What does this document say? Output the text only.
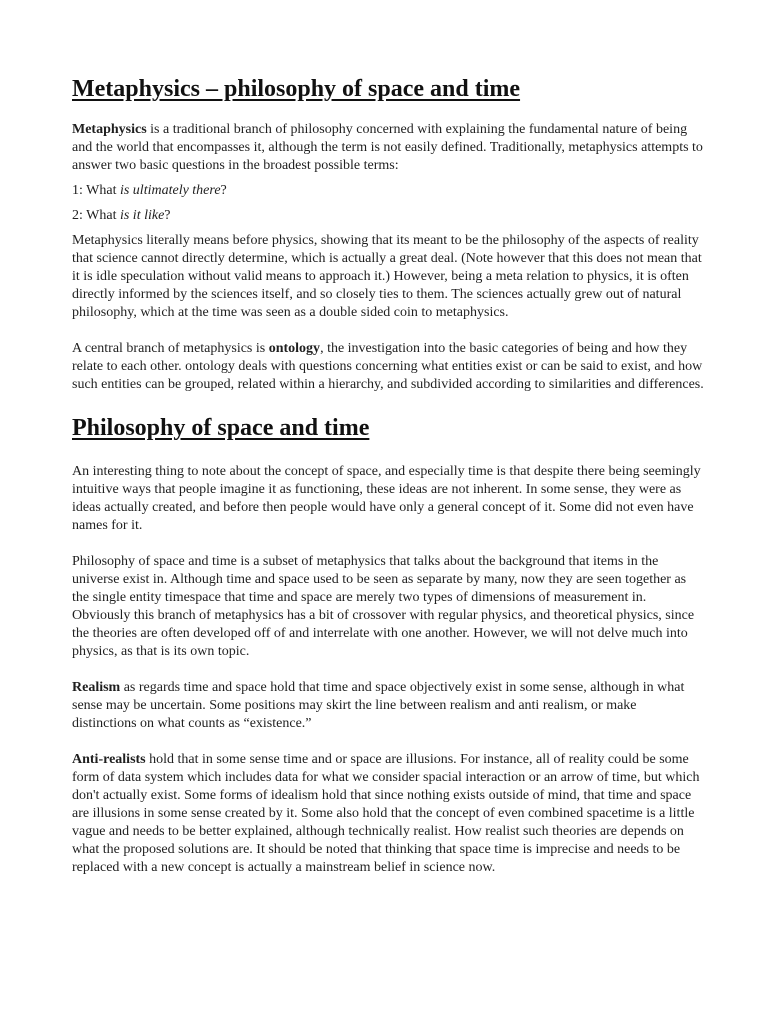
Metaphysics – philosophy of space and time

Metaphysics is a traditional branch of philosophy concerned with explaining the fundamental nature of being and the world that encompasses it, although the term is not easily defined. Traditionally, metaphysics attempts to answer two basic questions in the broadest possible terms:

1: What is ultimately there?

2: What is it like?

Metaphysics literally means before physics, showing that its meant to be the philosophy of the aspects of reality that science cannot directly determine, which is actually a great deal. (Note however that this does not mean that it is idle speculation without valid means to approach it.) However, being a meta relation to physics, it is often directly informed by the sciences itself, and so closely ties to them. The sciences actually grew out of natural philosophy, which at the time was seen as a double sided coin to metaphysics.

A central branch of metaphysics is ontology, the investigation into the basic categories of being and how they relate to each other. ontology deals with questions concerning what entities exist or can be said to exist, and how such entities can be grouped, related within a hierarchy, and subdivided according to similarities and differences.

Philosophy of space and time

An interesting thing to note about the concept of space, and especially time is that despite there being seemingly intuitive ways that people imagine it as functioning, these ideas are not inherent. In some sense, they were as ideas actually created, and before then people would have only a general concept of it. Some did not even have names for it.

Philosophy of space and time is a subset of metaphysics that talks about the background that items in the universe exist in. Although time and space used to be seen as separate by many, now they are seen together as the single entity timespace that time and space are merely two types of dimensions of measurement in. Obviously this branch of metaphysics has a bit of crossover with regular physics, and theoretical physics, since the theories are often developed off of and interrelate with one another. However, we will not delve much into physics, as that is its own topic.

Realism as regards time and space hold that time and space objectively exist in some sense, although in what sense may be uncertain. Some positions may skirt the line between realism and anti realism, or make distinctions on what counts as “existence.”

Anti-realists hold that in some sense time and or space are illusions. For instance, all of reality could be some form of data system which includes data for what we consider spacial interaction or an arrow of time, but which don't actually exist. Some forms of idealism hold that since nothing exists outside of mind, that time and space are illusions in some sense created by it. Some also hold that the concept of even combined spacetime is a little vague and needs to be better explained, although technically realist. How realist such theories are depends on what the proposed solutions are. It should be noted that thinking that space time is imprecise and needs to be replaced with a new concept is actually a mainstream belief in science now.
